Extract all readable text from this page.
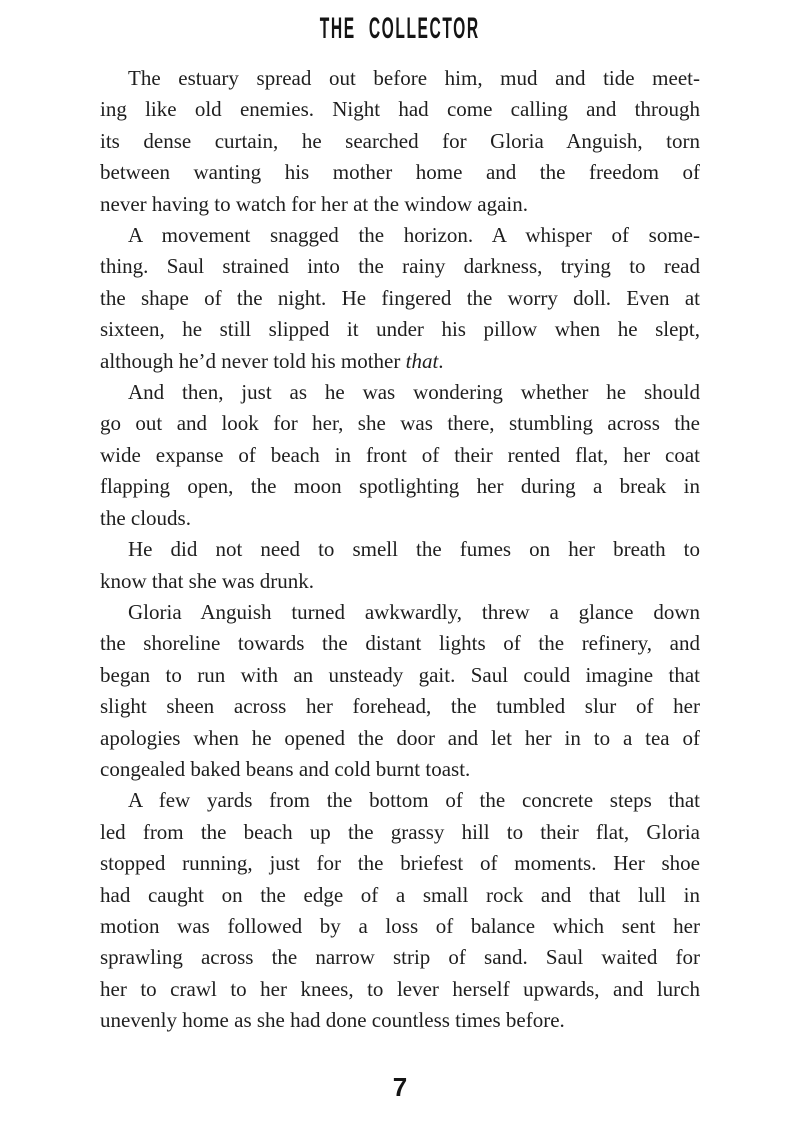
THE COLLECTOR
The estuary spread out before him, mud and tide meet-
ing like old enemies. Night had come calling and through
its dense curtain, he searched for Gloria Anguish, torn
between wanting his mother home and the freedom of
never having to watch for her at the window again.
A movement snagged the horizon. A whisper of some-
thing. Saul strained into the rainy darkness, trying to read
the shape of the night. He fingered the worry doll. Even at
sixteen, he still slipped it under his pillow when he slept,
although he’d never told his mother that.
And then, just as he was wondering whether he should
go out and look for her, she was there, stumbling across the
wide expanse of beach in front of their rented flat, her coat
flapping open, the moon spotlighting her during a break in
the clouds.
He did not need to smell the fumes on her breath to
know that she was drunk.
Gloria Anguish turned awkwardly, threw a glance down
the shoreline towards the distant lights of the refinery, and
began to run with an unsteady gait. Saul could imagine that
slight sheen across her forehead, the tumbled slur of her
apologies when he opened the door and let her in to a tea of
congealed baked beans and cold burnt toast.
A few yards from the bottom of the concrete steps that
led from the beach up the grassy hill to their flat, Gloria
stopped running, just for the briefest of moments. Her shoe
had caught on the edge of a small rock and that lull in
motion was followed by a loss of balance which sent her
sprawling across the narrow strip of sand. Saul waited for
her to crawl to her knees, to lever herself upwards, and lurch
unevenly home as she had done countless times before.
7
